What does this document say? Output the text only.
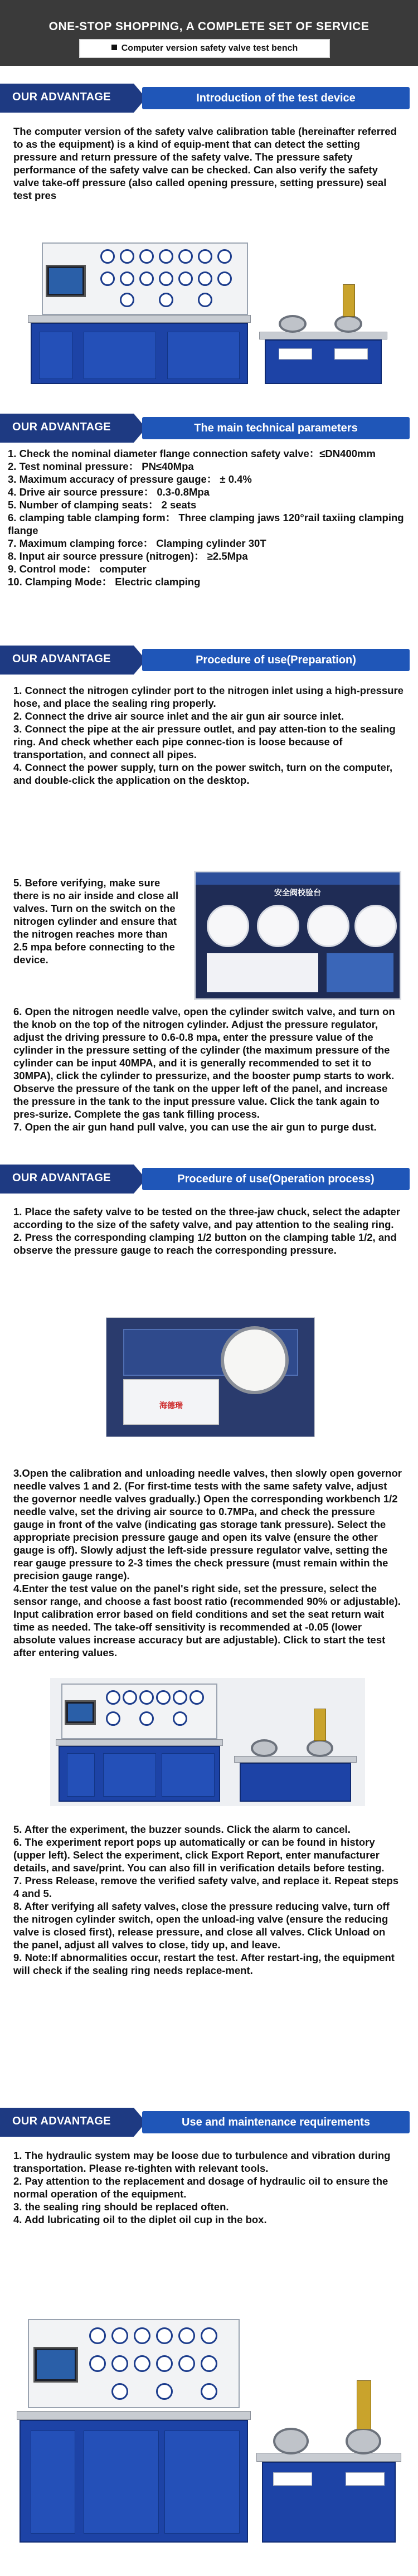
ONE-STOP SHOPPING, A COMPLETE SET OF SERVICE
Computer version safety valve test bench
OUR ADVANTAGE	Introduction of the test device
The computer version of the safety valve calibration table (hereinafter referred to as the equipment) is a kind of equip-ment that can detect the setting pressure and return pressure of the safety valve. The pressure safety performance of the safety valve can be checked. Can also verify the safety valve take-off pressure (also called opening pressure, setting pressure) seal test pres
OUR ADVANTAGE	The main technical parameters

1. Check the nominal diameter flange connection safety valve：≤DN400mm

2. Test nominal pressure： PN≤40Mpa

3. Maximum accuracy of pressure gauge： ± 0.4%

4. Drive air source pressure： 0.3-0.8Mpa

5. Number of clamping seats： 2 seats

6. clamping table clamping form： Three clamping jaws 120°rail taxiing clamping flange

7. Maximum clamping force： Clamping cylinder 30T

8. Input air source pressure (nitrogen)： ≥2.5Mpa

9. Control mode： computer

10. Clamping Mode： Electric clamping

OUR ADVANTAGE	Procedure of use(Preparation)

1. Connect the nitrogen cylinder port to the nitrogen inlet using a high-pressure hose, and place the sealing ring properly.

2. Connect the drive air source inlet and the air gun air source inlet.

3. Connect the pipe at the air pressure outlet, and pay atten-tion to the sealing ring. And check whether each pipe connec-tion is loose because of transportation, and connect all pipes.

4. Connect the power supply, turn on the power switch, turn on the computer, and double-click the application on the desktop.

5. Before verifying, make sure there is no air inside and close all valves. Turn on the switch on the nitrogen cylinder and ensure that the nitrogen reaches more than 2.5 mpa before connecting to the device.
安全阀校验台

6. Open the nitrogen needle valve, open the cylinder switch valve, and turn on the knob on the top of the nitrogen cylinder. Adjust the pressure regulator, adjust the driving pressure to 0.6-0.8 mpa, enter the pressure value of the cylinder in the pressure setting of the cylinder (the maximum pressure of the cylinder can be input 40MPA, and it is generally recommended to set it to 30MPA), click the cylinder to pressurize, and the booster pump starts to work. Observe the pressure of the tank on the upper left of the panel, and increase the pressure in the tank to the input pressure value. Click the tank again to pres-surize. Complete the gas tank filling process.

7. Open the air gun hand pull valve, you can use the air gun to purge dust.

OUR ADVANTAGE	Procedure of use(Operation process)

1. Place the safety valve to be tested on the three-jaw chuck, select the adapter according to the size of the safety valve, and pay attention to the sealing ring.

2. Press the corresponding clamping 1/2 button on the clamping table 1/2, and observe the pressure gauge to reach the corresponding pressure.

海德瑞

3.Open the calibration and unloading needle valves, then slowly open governor needle valves 1 and 2. (For first-time tests with the same safety valve, adjust the governor needle valves gradually.) Open the corresponding workbench 1/2 needle valve, set the driving air source to 0.7MPa, and check the pressure gauge in front of the valve (indicating gas storage tank pressure). Select the appropriate precision pressure gauge and open its valve (ensure the other gauge is off). Slowly adjust the left-side pressure regulator valve, setting the rear gauge pressure to 2-3 times the check pressure (must remain within the precision gauge range).

4.Enter the test value on the panel's right side, set the pressure, select the sensor range, and choose a fast boost ratio (recommended 90% or adjustable). Input calibration error based on field conditions and set the seat return wait time as needed. The take-off sensitivity is recommended at -0.05 (lower absolute values increase accuracy but are adjustable). Click to start the test after entering values.

5. After the experiment, the buzzer sounds. Click the alarm to cancel.

6. The experiment report pops up automatically or can be found in history (upper left). Select the experiment, click Export Report, enter manufacturer details, and save/print. You can also fill in verification details before testing.

7. Press Release, remove the verified safety valve, and replace it. Repeat steps 4 and 5.

8. After verifying all safety valves, close the pressure reducing valve, turn off the nitrogen cylinder switch, open the unload-ing valve (ensure the reducing valve is closed first), release pressure, and close all valves. Click Unload on the panel, adjust all valves to close, tidy up, and leave.

9. Note:If abnormalities occur, restart the test. After restart-ing, the equipment will check if the sealing ring needs replace-ment.

OUR ADVANTAGE	Use and maintenance requirements

1. The hydraulic system may be loose due to turbulence and vibration during transportation. Please re-tighten with relevant tools.

2. Pay attention to the replacement and dosage of hydraulic oil to ensure the normal operation of the equipment.

3. the sealing ring should be replaced often.

4. Add lubricating oil to the diplet oil cup in the box.
